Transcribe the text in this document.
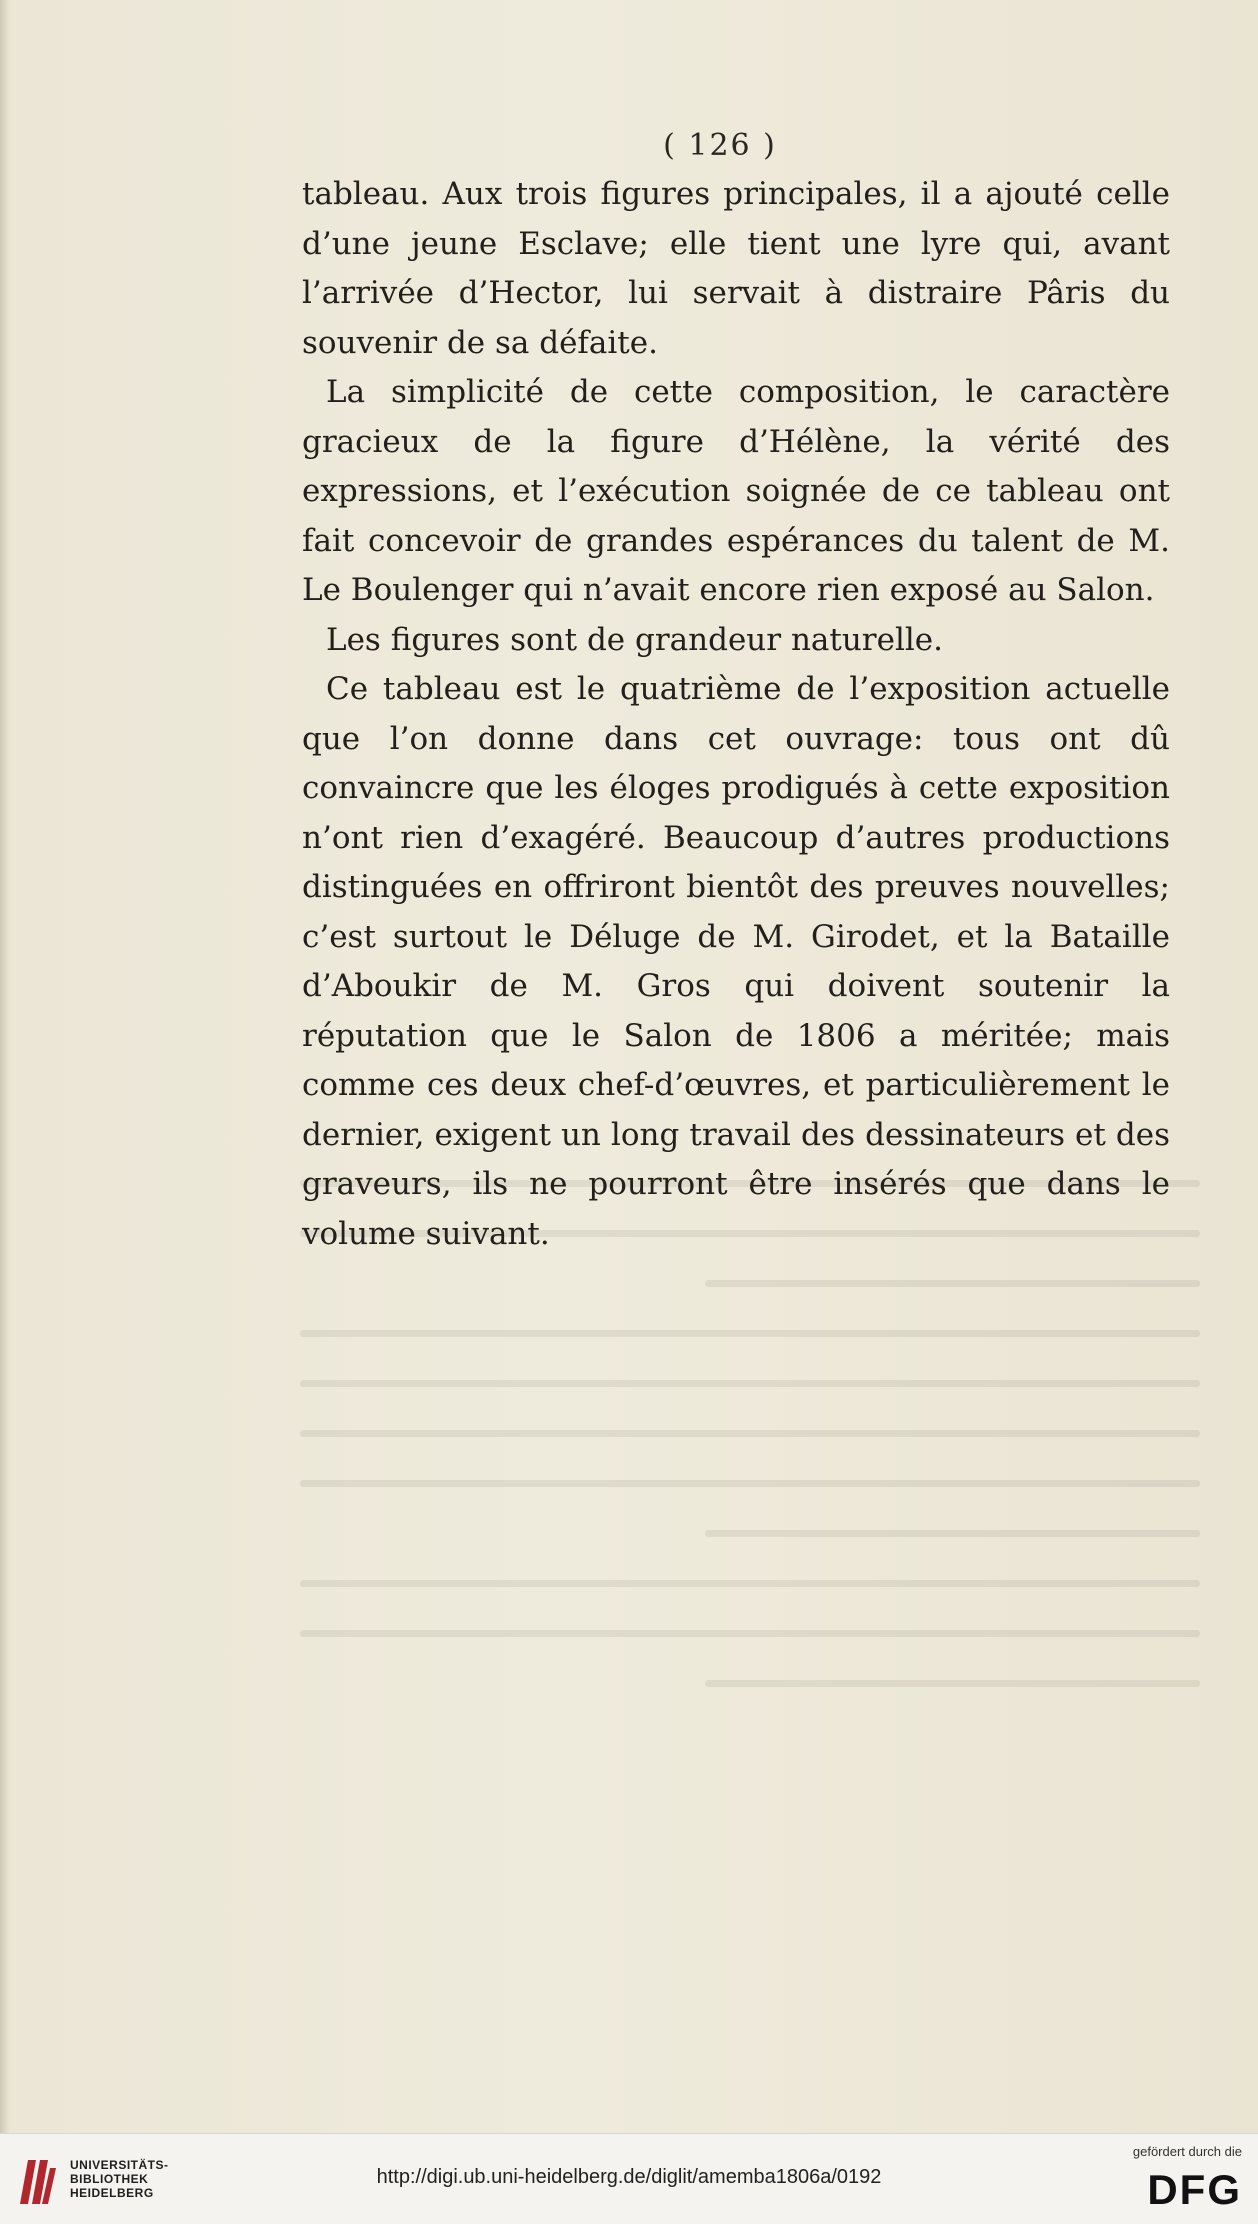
( 126 )

tableau. Aux trois figures principales, il a ajouté celle d’une jeune Esclave; elle tient une lyre qui, avant l’arrivée d’Hector, lui servait à distraire Pâris du souvenir de sa défaite.

La simplicité de cette composition, le caractère gracieux de la figure d’Hélène, la vérité des expressions, et l’exécution soignée de ce tableau ont fait concevoir de grandes espérances du talent de M. Le Boulenger qui n’avait encore rien exposé au Salon.

Les figures sont de grandeur naturelle.

Ce tableau est le quatrième de l’exposition actuelle que l’on donne dans cet ouvrage: tous ont dû convaincre que les éloges prodigués à cette exposition n’ont rien d’exagéré. Beaucoup d’autres productions distinguées en offriront bientôt des preuves nouvelles; c’est surtout le Déluge de M. Girodet, et la Bataille d’Aboukir de M. Gros qui doivent soutenir la réputation que le Salon de 1806 a méritée; mais comme ces deux chef-d’œuvres, et particulièrement le dernier, exigent un long travail des dessinateurs et des graveurs, ils ne pourront être insérés que dans le volume suivant.

UNIVERSITÄTS-
BIBLIOTHEK
HEIDELBERG
http://digi.ub.uni-heidelberg.de/diglit/amemba1806a/0192
gefördert durch die
DFG
